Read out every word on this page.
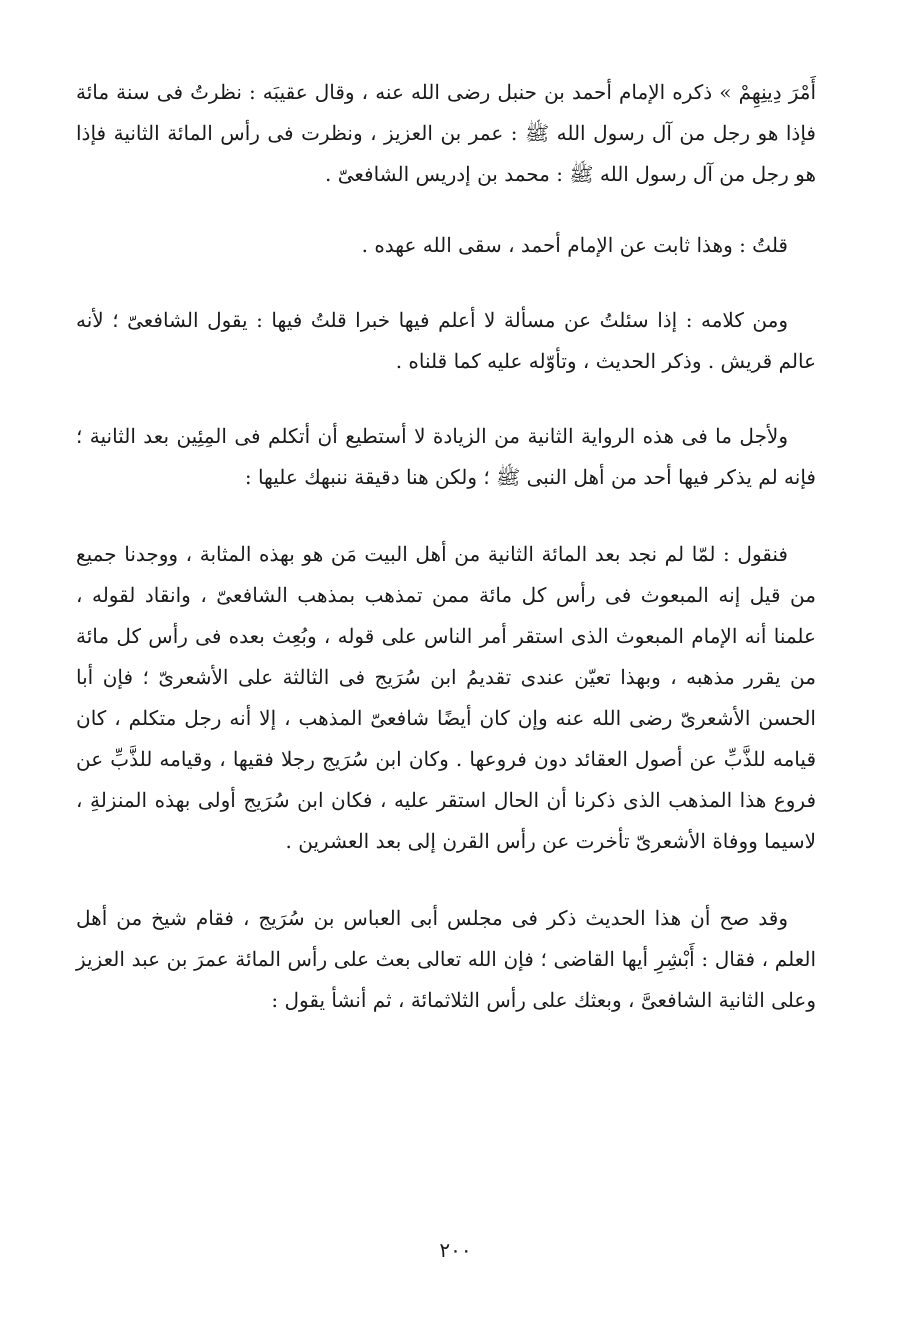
أَمْرَ دِينِهِمْ » ذكره الإمام أحمد بن حنبل رضى الله عنه ، وقال عقيبَه : نظرتُ فى سنة مائة فإذا هو رجل من آل رسول الله ﷺ : عمر بن العزيز ، ونظرت فى رأس المائة الثانية فإذا هو رجل من آل رسول الله ﷺ : محمد بن إدريس الشافعىّ .

قلتُ : وهذا ثابت عن الإمام أحمد ، سقى الله عهده .

ومن كلامه : إذا سئلتُ عن مسألة لا أعلم فيها خبرا قلتُ فيها : يقول الشافعىّ ؛ لأنه عالم قريش . وذكر الحديث ، وتأوّله عليه كما قلناه .

ولأجل ما فى هذه الرواية الثانية من الزيادة لا أستطيع أن أتكلم فى المِئِين بعد الثانية ؛ فإنه لم يذكر فيها أحد من أهل النبى ﷺ ؛ ولكن هنا دقيقة ننبهك عليها :

فنقول : لمّا لم نجد بعد المائة الثانية من أهل البيت مَن هو بهذه المثابة ، ووجدنا جميع من قيل إنه المبعوث فى رأس كل مائة ممن تمذهب بمذهب الشافعىّ ، وانقاد لقوله ، علمنا أنه الإمام المبعوث الذى استقر أمر الناس على قوله ، وبُعِث بعده فى رأس كل مائة من يقرر مذهبه ، وبهذا تعيّن عندى تقديمُ ابن سُرَيج فى الثالثة على الأشعرىّ ؛ فإن أبا الحسن الأشعرىّ رضى الله عنه وإن كان أيضًا شافعىّ المذهب ، إلا أنه رجل متكلم ، كان قيامه للذَّبِّ عن أصول العقائد دون فروعها . وكان ابن سُرَيج رجلا فقيها ، وقيامه للذَّبِّ عن فروع هذا المذهب الذى ذكرنا أن الحال استقر عليه ، فكان ابن سُرَيج أولى بهذه المنزلةِ ، لاسيما ووفاة الأشعرىّ تأخرت عن رأس القرن إلى بعد العشرين .

وقد صح أن هذا الحديث ذكر فى مجلس أبى العباس بن سُرَيج ، فقام شيخ من أهل العلم ، فقال : أَبْشِرِ أيها القاضى ؛ فإن الله تعالى بعث على رأس المائة عمرَ بن عبد العزيز وعلى الثانية الشافعىَّ ، وبعثك على رأس الثلاثمائة ، ثم أنشأ يقول :

٢٠٠
